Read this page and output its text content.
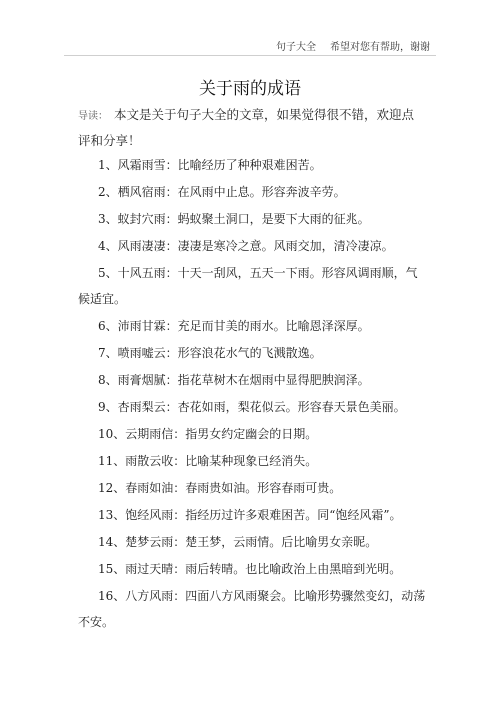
句子大全 希望对您有帮助，谢谢
关于雨的成语
导读： 本文是关于句子大全的文章，如果觉得很不错，欢迎点评和分享！

1、风霜雨雪：比喻经历了种种艰难困苦。

2、栖风宿雨：在风雨中止息。形容奔波辛劳。

3、蚁封穴雨：蚂蚁聚土洞口，是要下大雨的征兆。

4、风雨凄凄：凄凄是寒冷之意。风雨交加，清冷凄凉。

5、十风五雨：十天一刮风，五天一下雨。形容风调雨顺，气候适宜。

6、沛雨甘霖：充足而甘美的雨水。比喻恩泽深厚。

7、喷雨嘘云：形容浪花水气的飞溅散逸。

8、雨膏烟腻：指花草树木在烟雨中显得肥腴润泽。

9、杏雨梨云：杏花如雨，梨花似云。形容春天景色美丽。

10、云期雨信：指男女约定幽会的日期。

11、雨散云收：比喻某种现象已经消失。

12、春雨如油：春雨贵如油。形容春雨可贵。

13、饱经风雨：指经历过许多艰难困苦。同“饱经风霜”。

14、楚梦云雨：楚王梦，云雨情。后比喻男女亲昵。

15、雨过天晴：雨后转晴。也比喻政治上由黑暗到光明。

16、八方风雨：四面八方风雨聚会。比喻形势骤然变幻，动荡不安。
